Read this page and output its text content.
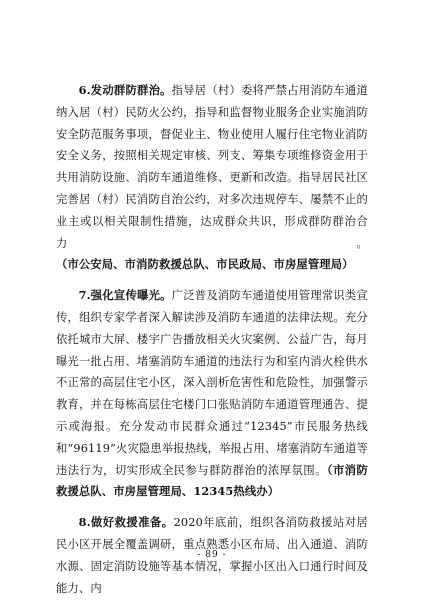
6.发动群防群治。指导居（村）委将严禁占用消防车通道纳入居（村）民防火公约，指导和监督物业服务企业实施消防安全防范服务事项，督促业主、物业使用人履行住宅物业消防安全义务，按照相关规定审核、列支、筹集专项维修资金用于共用消防设施、消防车通道维修、更新和改造。指导居民社区完善居（村）民消防自治公约，对多次违规停车、屡禁不止的业主或以相关限制性措施，达成群众共识，形成群防群治合力。（市公安局、市消防救援总队、市民政局、市房屋管理局）

7.强化宣传曝光。广泛普及消防车通道使用管理常识类宣传，组织专家学者深入解读涉及消防车通道的法律法规。充分依托城市大屏、楼宇广告播放相关火灾案例、公益广告，每月曝光一批占用、堵塞消防车通道的违法行为和室内消火栓供水不正常的高层住宅小区，深入剖析危害性和危险性，加强警示教育，并在每栋高层住宅楼门口张贴消防车通道管理通告、提示或海报。充分发动市民群众通过“12345”市民服务热线和“96119”火灾隐患举报热线，举报占用、堵塞消防车通道等违法行为，切实形成全民参与群防群治的浓厚氛围。（市消防救援总队、市房屋管理局、12345热线办）

8.做好救援准备。2020年底前，组织各消防救援站对居民小区开展全覆盖调研，重点熟悉小区布局、出入通道、消防水源、固定消防设施等基本情况，掌握小区出入口通行时间及能力、内

- 89 -
